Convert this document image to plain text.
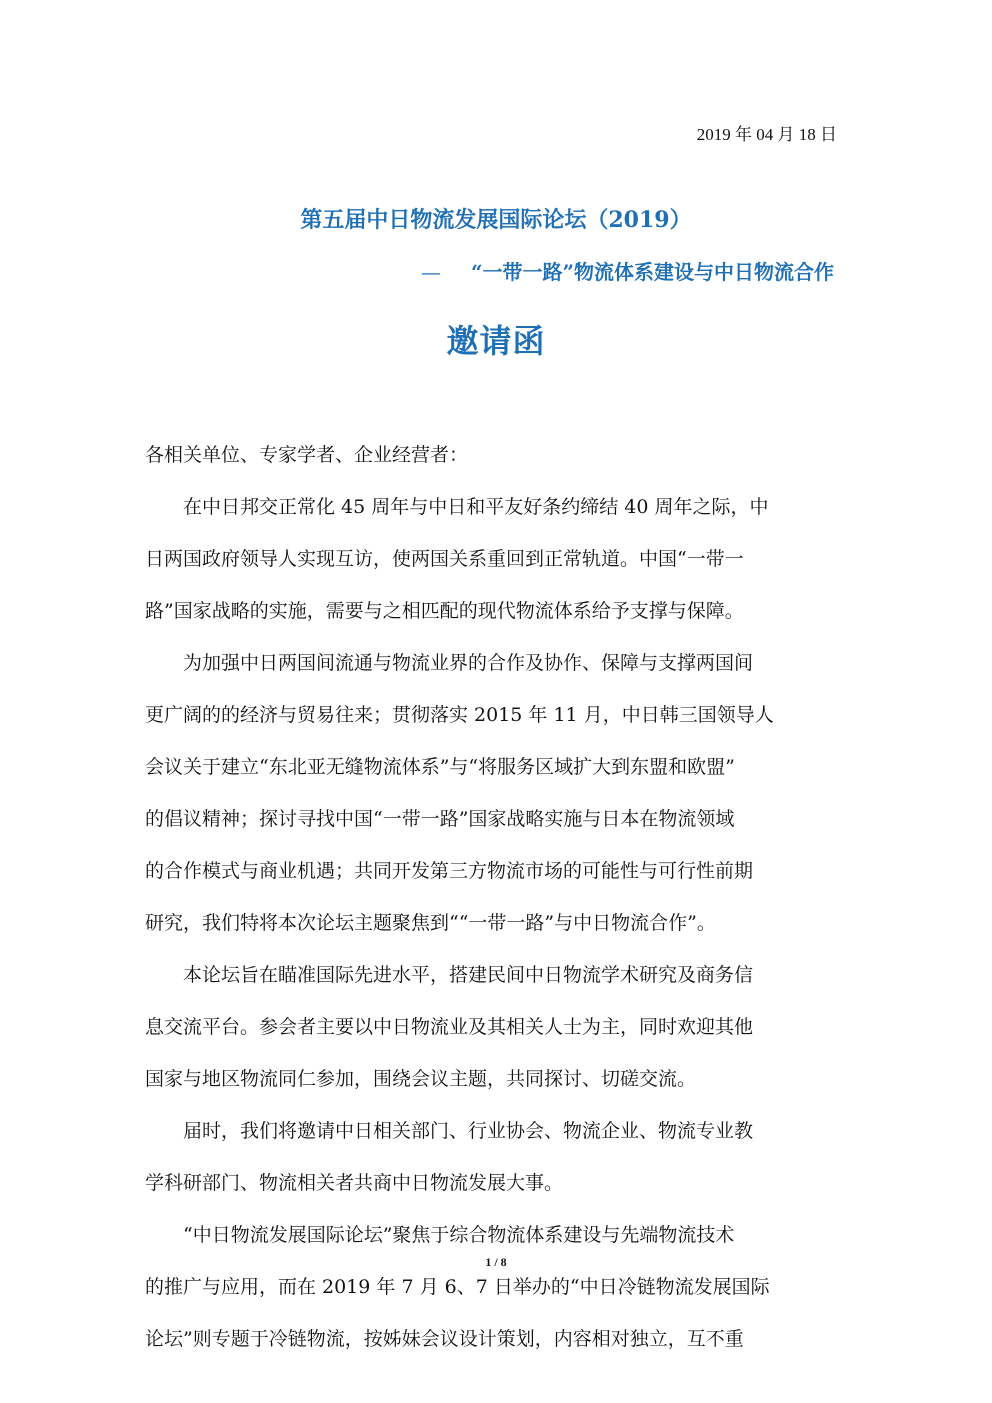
2019 年 04 月 18 日
第五届中日物流发展国际论坛（2019）
— “一带一路”物流体系建设与中日物流合作
邀请函
各相关单位、专家学者、企业经营者：
　　在中日邦交正常化 45 周年与中日和平友好条约缔结 40 周年之际，中
日两国政府领导人实现互访，使两国关系重回到正常轨道。中国“一带一
路”国家战略的实施，需要与之相匹配的现代物流体系给予支撑与保障。
　　为加强中日两国间流通与物流业界的合作及协作、保障与支撑两国间
更广阔的的经济与贸易往来；贯彻落实 2015 年 11 月，中日韩三国领导人
会议关于建立“东北亚无缝物流体系”与“将服务区域扩大到东盟和欧盟”
的倡议精神；探讨寻找中国“一带一路”国家战略实施与日本在物流领域
的合作模式与商业机遇；共同开发第三方物流市场的可能性与可行性前期
研究，我们特将本次论坛主题聚焦到““一带一路”与中日物流合作”。
　　本论坛旨在瞄准国际先进水平，搭建民间中日物流学术研究及商务信
息交流平台。参会者主要以中日物流业及其相关人士为主，同时欢迎其他
国家与地区物流同仁参加，围绕会议主题，共同探讨、切磋交流。
　　届时，我们将邀请中日相关部门、行业协会、物流企业、物流专业教
学科研部门、物流相关者共商中日物流发展大事。
　　“中日物流发展国际论坛”聚焦于综合物流体系建设与先端物流技术
的推广与应用，而在 2019 年 7 月 6、7 日举办的“中日冷链物流发展国际
论坛”则专题于冷链物流，按姊妹会议设计策划，内容相对独立，互不重
1 / 8
